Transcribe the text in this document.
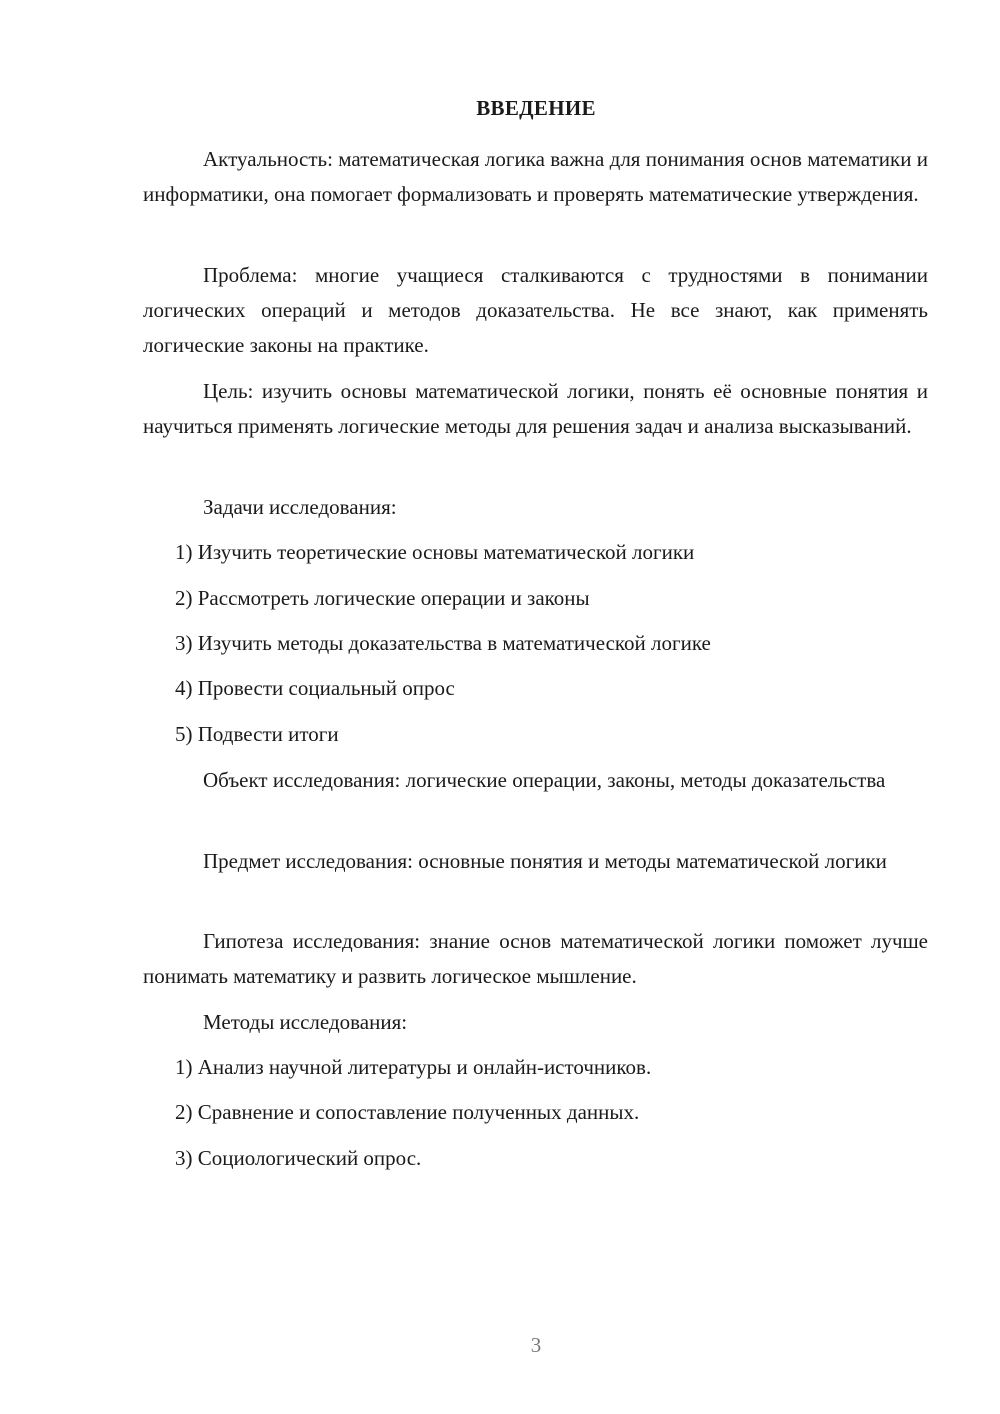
ВВЕДЕНИЕ

Актуальность: математическая логика важна для понимания основ математики и информатики, она помогает формализовать и проверять математические утверждения.

Проблема: многие учащиеся сталкиваются с трудностями в понимании логических операций и методов доказательства. Не все знают, как применять логические законы на практике.

Цель: изучить основы математической логики, понять её основные понятия и научиться применять логические методы для решения задач и анализа высказываний.

Задачи исследования:
1) Изучить теоретические основы математической логики
2) Рассмотреть логические операции и законы
3) Изучить методы доказательства в математической логике
4) Провести социальный опрос
5) Подвести итоги

Объект исследования: логические операции, законы, методы доказательства

Предмет исследования: основные понятия и методы математической логики

Гипотеза исследования: знание основ математической логики поможет лучше понимать математику и развить логическое мышление.

Методы исследования:
1) Анализ научной литературы и онлайн-источников.
2) Сравнение и сопоставление полученных данных.
3) Социологический опрос.
3
